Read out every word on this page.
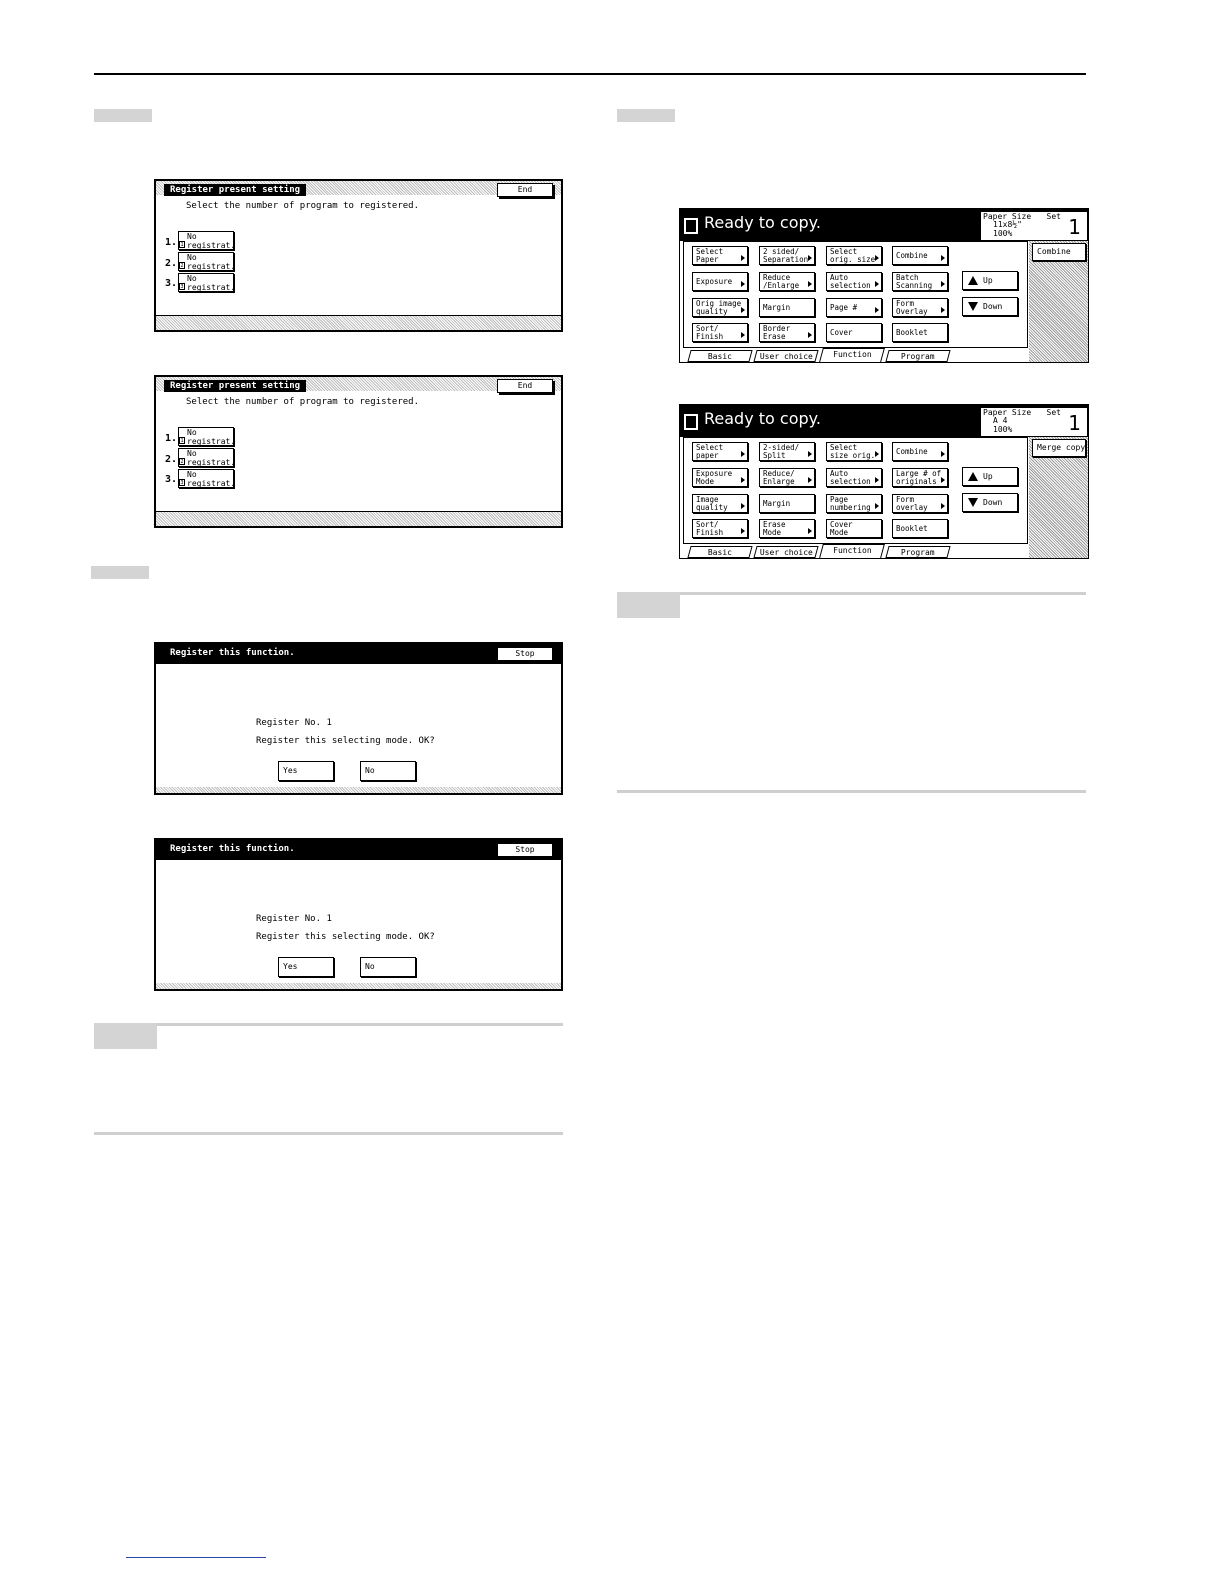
Register present setting	End
Select the number of program to registered.
1. 1
No
registrat.
2. 2
No
registrat.
3. 3
No
registrat.
Register present setting	End
Select the number of program to registered.
1. 1
No
registrat.
2. 2
No
registrat.
3. 3
No
registrat.
Register this function.	Stop
Register No. 1
Register this selecting mode. OK?
Yes	No
Register this function.	Stop
Register No. 1
Register this selecting mode. OK?
Yes	No
Ready to copy.	Paper Size Set
11x8½"
100%	1
Combine
Up
Down
Basic	User choice	Function	Program
Select
Paper
2 sided/
Separation
Select
orig. size	Combine
Exposure	Reduce
/Enlarge
Auto
selection
Batch
Scanning
Orig image
quality	Margin	Page #	Form
Overlay
Sort/
Finish
Border
Erase	Cover	Booklet
Ready to copy.	Paper Size Set
A 4
100%	1
Merge copy
Up
Down
Basic	User choice	Function	Program
Select
paper
2-sided/
Split
Select
size orig.	Combine
Exposure
Mode
Reduce/
Enlarge
Auto
selection
Large # of
originals
Image
quality	Margin	Page
numbering
Form
overlay
Sort/
Finish
Erase
Mode
Cover
Mode	Booklet
